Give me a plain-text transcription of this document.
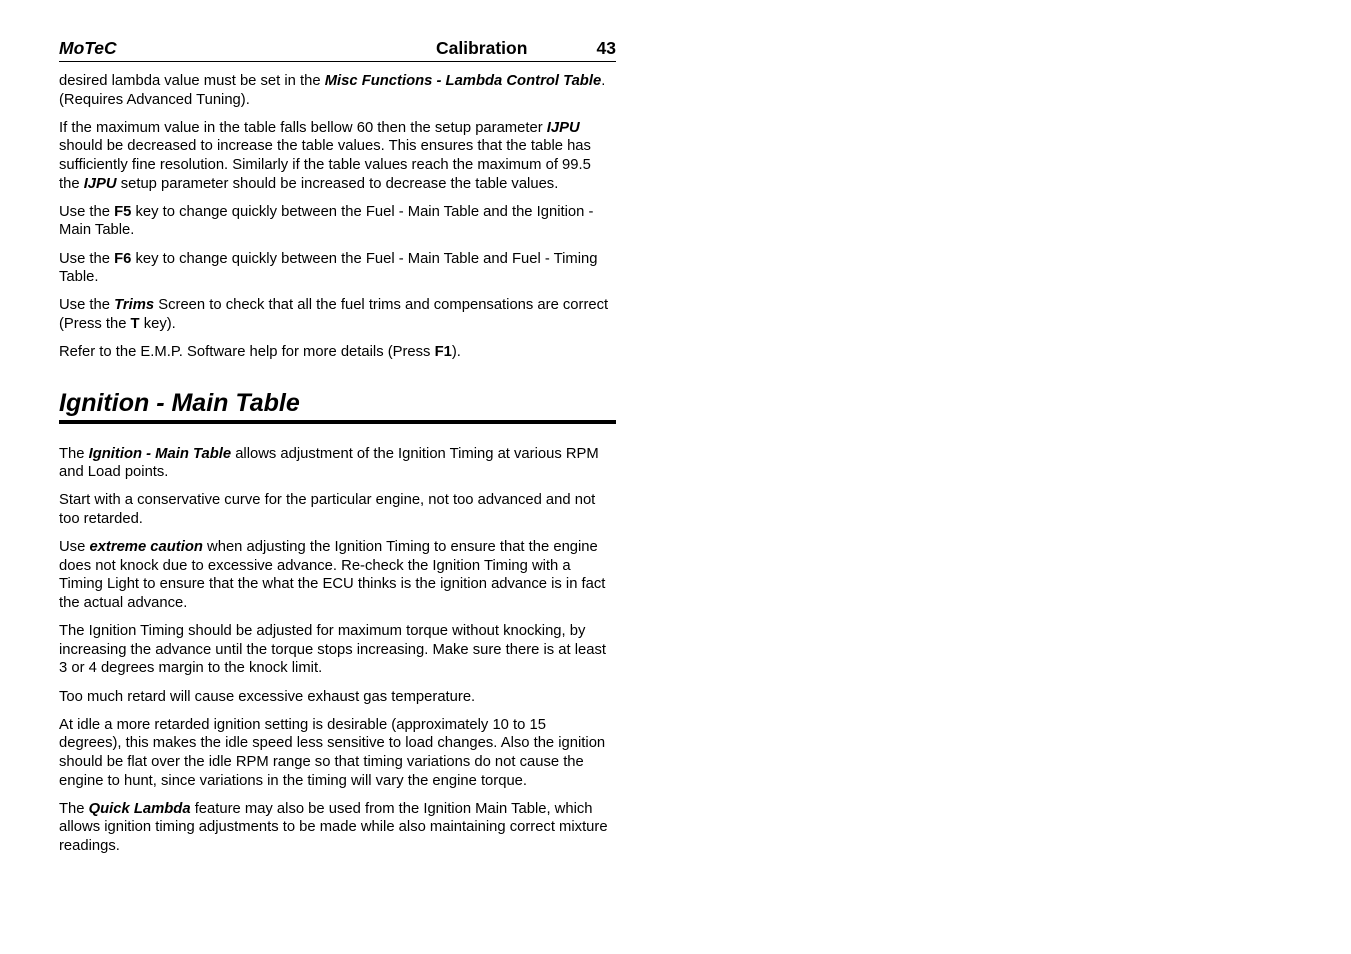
MoTeC	Calibration	43

desired lambda value must be set in the Misc Functions - Lambda Control Table. (Requires Advanced Tuning).

If the maximum value in the table falls bellow 60 then the setup parameter IJPU should be decreased to increase the table values. This ensures that the table has sufficiently fine resolution. Similarly if the table values reach the maximum of 99.5 the IJPU setup parameter should be increased to decrease the table values.

Use the F5 key to change quickly between the Fuel - Main Table and the Ignition - Main Table.

Use the F6 key to change quickly between the Fuel - Main Table and Fuel - Timing Table.

Use the Trims Screen to check that all the fuel trims and compensations are correct (Press the T key).

Refer to the E.M.P. Software help for more details (Press F1).

Ignition - Main Table

The Ignition - Main Table allows adjustment of the Ignition Timing at various RPM and Load points.

Start with a conservative curve for the particular engine, not too advanced and not too retarded.

Use extreme caution when adjusting the Ignition Timing to ensure that the engine does not knock due to excessive advance. Re-check the Ignition Timing with a Timing Light to ensure that the what the ECU thinks is the ignition advance is in fact the actual advance.

The Ignition Timing should be adjusted for maximum torque without knocking, by increasing the advance until the torque stops increasing. Make sure there is at least 3 or 4 degrees margin to the knock limit.

Too much retard will cause excessive exhaust gas temperature.

At idle a more retarded ignition setting is desirable (approximately 10 to 15 degrees), this makes the idle speed less sensitive to load changes. Also the ignition should be flat over the idle RPM range so that timing variations do not cause the engine to hunt, since variations in the timing will vary the engine torque.

The Quick Lambda feature may also be used from the Ignition Main Table, which allows ignition timing adjustments to be made while also maintaining correct mixture readings.
